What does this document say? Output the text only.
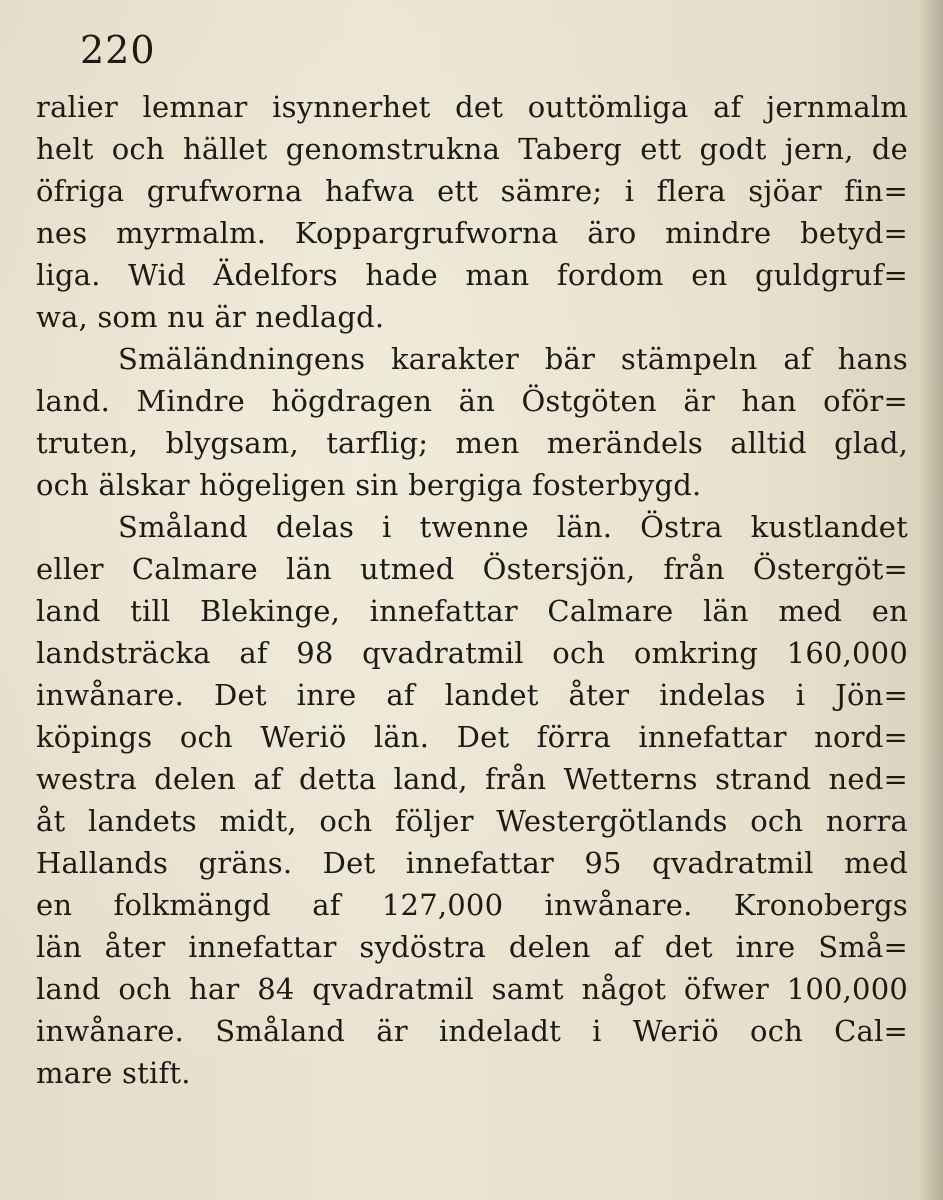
220
ralier lemnar isynnerhet det outtömliga af jernmalm
helt och hället genomstrukna Taberg ett godt jern, de
öfriga grufworna hafwa ett sämre; i flera sjöar fin=
nes myrmalm. Koppargrufworna äro mindre betyd=
liga. Wid Ädelfors hade man fordom en guldgruf=
wa, som nu är nedlagd.
Smäländningens karakter bär stämpeln af hans
land. Mindre högdragen än Östgöten är han oför=
truten, blygsam, tarflig; men merändels alltid glad,
och älskar högeligen sin bergiga fosterbygd.
Småland delas i twenne län. Östra kustlandet
eller Calmare län utmed Östersjön, från Östergöt=
land till Blekinge, innefattar Calmare län med en
landsträcka af 98 qvadratmil och omkring 160,000
inwånare. Det inre af landet åter indelas i Jön=
köpings och Weriö län. Det förra innefattar nord=
westra delen af detta land, från Wetterns strand ned=
åt landets midt, och följer Westergötlands och norra
Hallands gräns. Det innefattar 95 qvadratmil med
en folkmängd af 127,000 inwånare. Kronobergs
län åter innefattar sydöstra delen af det inre Små=
land och har 84 qvadratmil samt något öfwer 100,000
inwånare. Småland är indeladt i Weriö och Cal=
mare stift.
